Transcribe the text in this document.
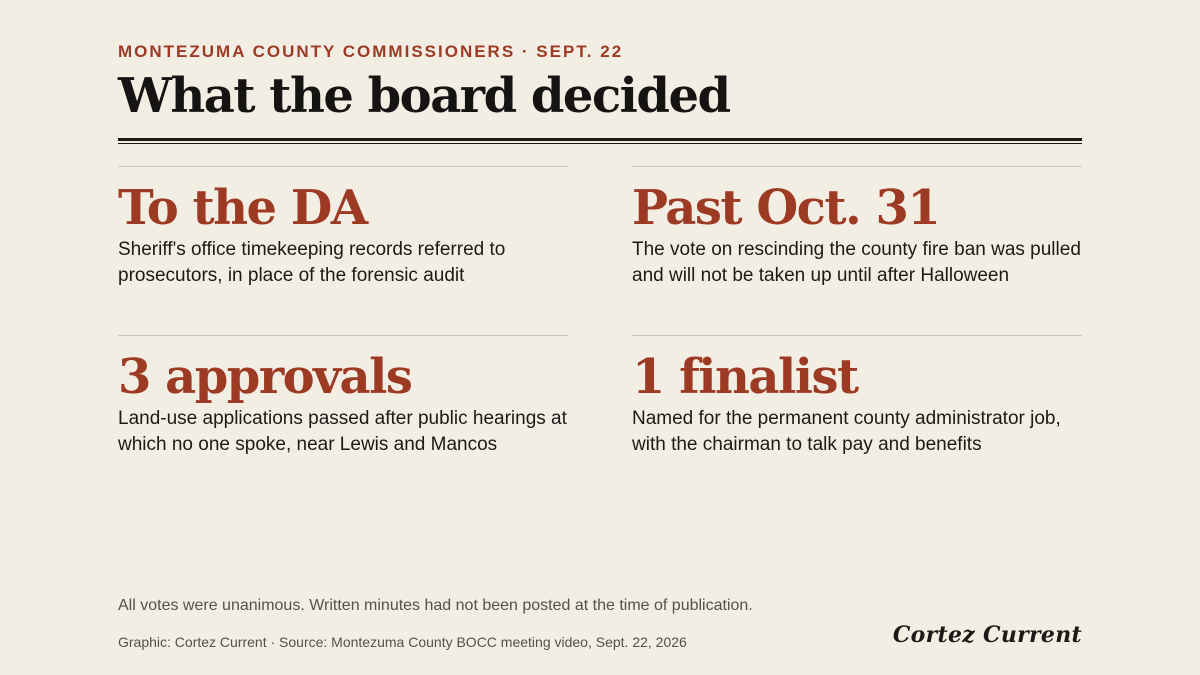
MONTEZUMA COUNTY COMMISSIONERS · SEPT. 22
What the board decided
To the DA
Sheriff's office timekeeping records referred to prosecutors, in place of the forensic audit
Past Oct. 31
The vote on rescinding the county fire ban was pulled and will not be taken up until after Halloween
3 approvals
Land-use applications passed after public hearings at which no one spoke, near Lewis and Mancos
1 finalist
Named for the permanent county administrator job, with the chairman to talk pay and benefits
All votes were unanimous. Written minutes had not been posted at the time of publication.
Graphic: Cortez Current · Source: Montezuma County BOCC meeting video, Sept. 22, 2026	Cortez Current
